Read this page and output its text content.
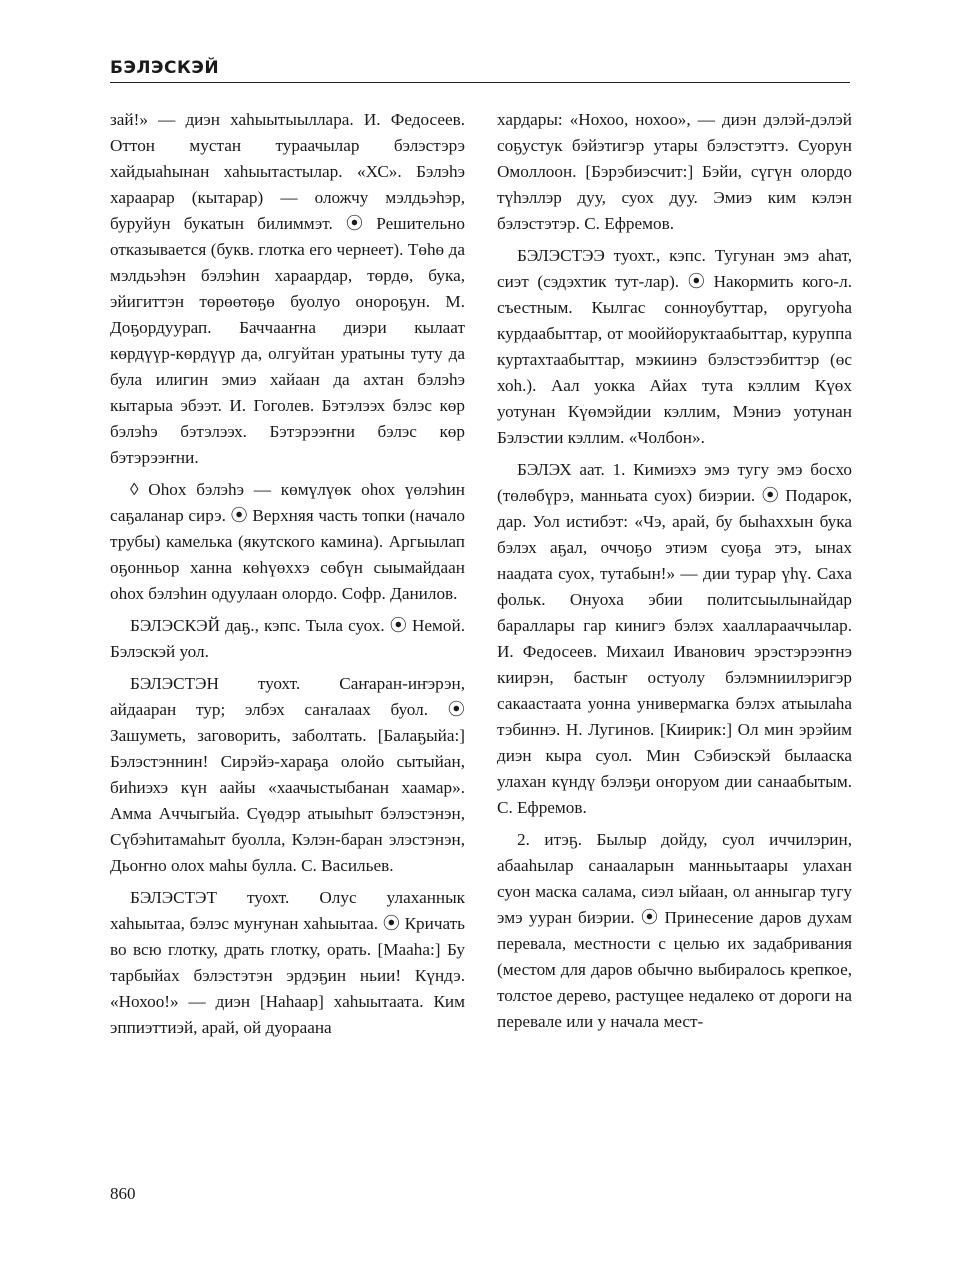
БЭЛЭСКЭЙ

зай!» — диэн хаһыытыыллара. И. Федосеев. Оттон мустан тураачылар бэлэстэрэ хайдыаһынан хаһыытастылар. «ХС». Бэлэһэ хараарар (кытарар) — оложчу мэлдьэһэр, буруйун букатын билиммэт. ⦿ Решительно отказывается (букв. глотка его чернеет). Төһө да мэлдьэһэн бэлэһин хараардар, төрдө, бука, эйигиттэн төрөөтөҕө буолуо онороҕун. М. Доҕордуурап. Баччааҥна диэри кылаат көрдүүр-көрдүүр да, олгуйтан уратыны туту да була илигин эмиэ хайаан да ахтан бэлэһэ кытарыа эбээт. И. Гоголев. Бэтэлээх бэлэс көр бэлэһэ бэтэлээх. Бэтэрээҥни бэлэс көр бэтэрээҥни.

◊ Ohox бэлэһэ — көмүлүөк оһох үөлэһин саҕаланар сирэ. ⦿ Верхняя часть топки (начало трубы) камелька (якутского камина). Аргыылап оҕонньор ханна көһүөххэ сөбүн сыымайдаан оһох бэлэһин одуулаан олордо. Софр. Данилов.

БЭЛЭСКЭЙ даҕ., кэпс. Тыла суох. ⦿ Немой. Бэлэскэй уол.

БЭЛЭСТЭН туохт. Саҥаран-иҥэрэн, айдааран тур; элбэх саҥалаах буол. ⦿ Зашуметь, заговорить, заболтать. [Балаҕыйа:] Бэлэстэннин! Сирэйэ-хараҕа олойо сытыйан, биһиэхэ күн аайы «хаачыстыбанан хаамар». Амма Аччыгыйа. Сүөдэр атыыһыт бэлэстэнэн, Сүбэһитамаһыт буолла, Кэлэн-баран элэстэнэн, Дьоҥно олох маһы булла. С. Васильев.

БЭЛЭСТЭТ туохт. Олус улаханнык хаһыытаа, бэлэс муҥунан хаһыытаа. ⦿ Кричать во всю глотку, драть глотку, орать. [Мааһа:] Бу тарбыйах бэлэстэтэн эрдэҕин ньии! Күндэ. «Нохоо!» — диэн [Наһаар] хаһыытаата. Ким эппиэттиэй, арай, ой дуораана

хардары: «Нохоо, нохоо», — диэн дэлэй-дэлэй соҕустук бэйэтигэр утары бэлэстэттэ. Суорун Омоллоон. [Бэрэбиэсчит:] Бэйи, сүгүн олордо түһэллэр дуу, суох дуу. Эмиэ ким кэлэн бэлэстэтэр. С. Ефремов.

БЭЛЭСТЭЭ туохт., кэпс. Тугунан эмэ аһат, сиэт (сэдэхтик тут-лар). ⦿ Накормить кого-л. съестным. Кылгас сонноубуттар, оругуоһа курдаабыттар, от мооййоруктаабыттар, куруппа куртахтаабыттар, мэкиинэ бэлэстээбиттэр (өс хоһ.). Аал уокка Айах тута кэллим Күөх уотунан Күөмэйдии кэллим, Мэниэ уотунан Бэлэстии кэллим. «Чолбон».

БЭЛЭХ аат. 1. Кимиэхэ эмэ тугу эмэ босхо (төлөбүрэ, манньата суох) биэрии. ⦿ Подарок, дар. Уол истибэт: «Чэ, арай, бу быһаххын бука бэлэх аҕал, оччоҕо этиэм суоҕа этэ, ынах наадата суох, тутабын!» — дии турар үһү. Саха фольк. Онуоха эбии политсыылынайдар бараллары гар кинигэ бэлэх хаалларааччылар. И. Федосеев. Михаил Иванович эрэстэрээҥнэ киирэн, бастыҥ остуолу бэлэмниилэригэр сакаастаата уонна универмагка бэлэх атыылаһа тэбиннэ. Н. Лугинов. [Киирик:] Ол мин эрэйим диэн кыра суол. Мин Сэбиэскэй былааска улахан күндү бэлэҕи оҥоруом дии санаабытым. С. Ефремов.

2. итэҕ. Былыр дойду, суол иччилэрин, абааһылар санааларын манньытаары улахан суон маска салама, сиэл ыйаан, ол анныгар тугу эмэ ууран биэрии. ⦿ Принесение даров духам перевала, местности с целью их задабривания (местом для даров обычно выбиралось крепкое, толстое дерево, растущее недалеко от дороги на перевале или у начала мест-

860
